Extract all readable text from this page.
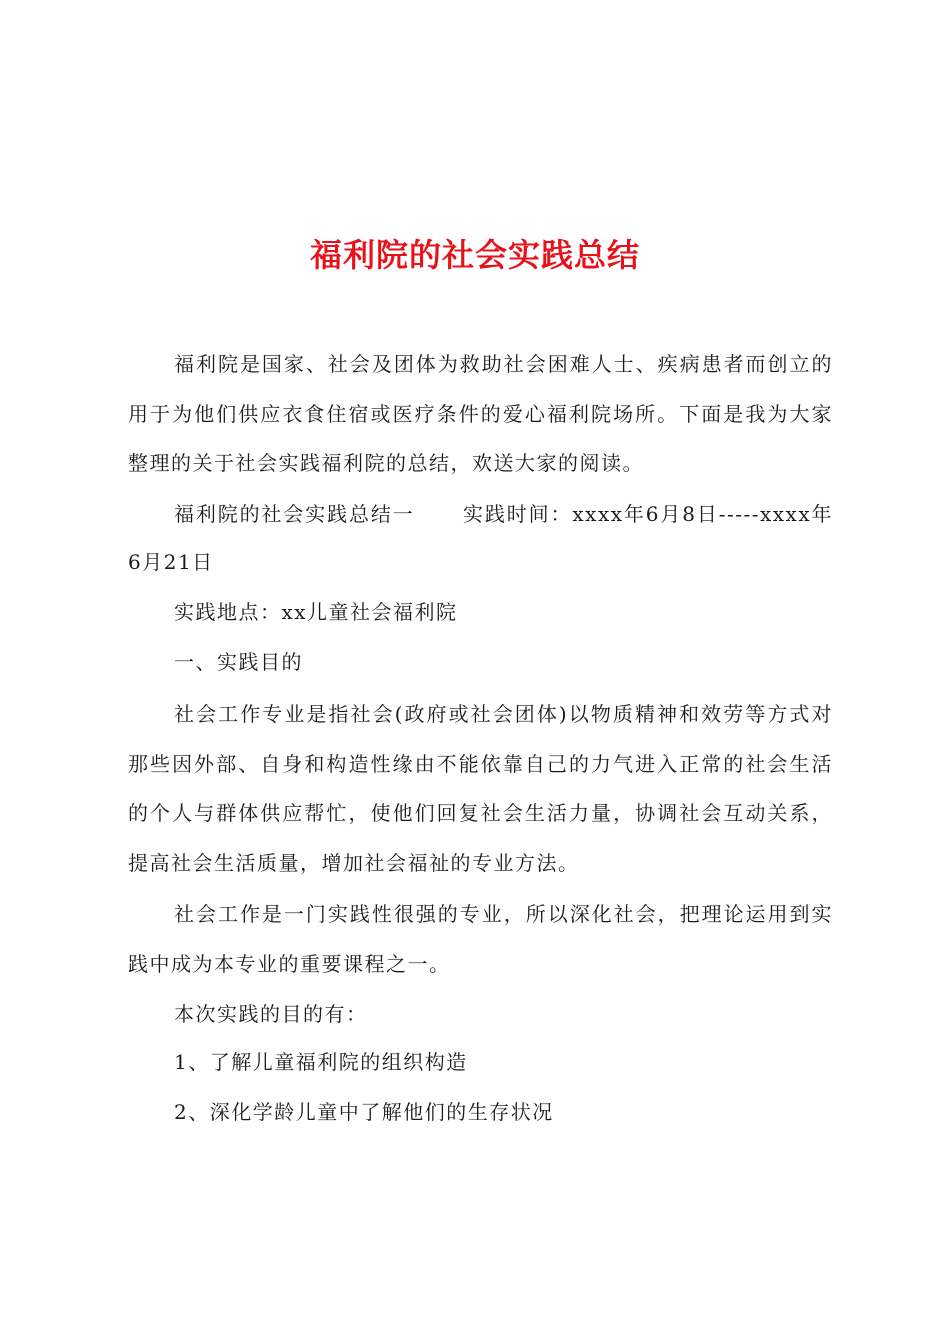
福利院的社会实践总结

福利院是国家、社会及团体为救助社会困难人士、疾病患者而创立的用于为他们供应衣食住宿或医疗条件的爱心福利院场所。下面是我为大家整理的关于社会实践福利院的总结，欢送大家的阅读。

福利院的社会实践总结一 实践时间：xxxx年6月8日-----xxxx年6月21日

实践地点：xx儿童社会福利院

一、实践目的

社会工作专业是指社会(政府或社会团体)以物质精神和效劳等方式对那些因外部、自身和构造性缘由不能依靠自己的力气进入正常的社会生活的个人与群体供应帮忙，使他们回复社会生活力量，协调社会互动关系，提高社会生活质量，增加社会福祉的专业方法。

社会工作是一门实践性很强的专业，所以深化社会，把理论运用到实践中成为本专业的重要课程之一。

本次实践的目的有：

1、了解儿童福利院的组织构造

2、深化学龄儿童中了解他们的生存状况
